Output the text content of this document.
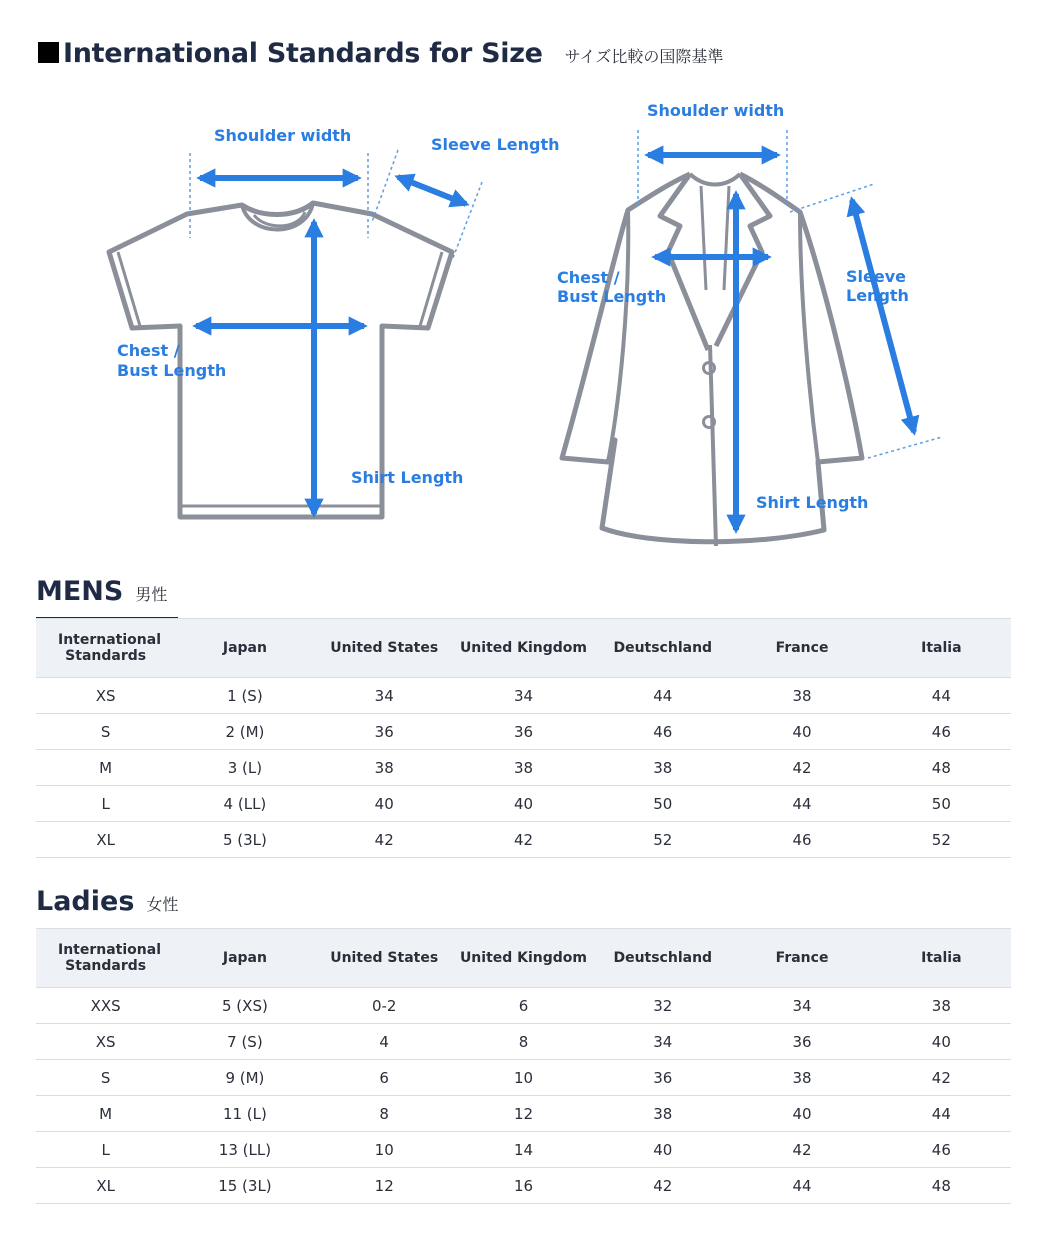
International Standards for Size サイズ比較の国際基準
Shoulder width	Sleeve Length
Chest /
Bust Length
Shirt Length
Shoulder width
Sleeve
Length
Chest /
Bust Length
Shirt Length
MENS 男性
International Standards	Japan	United States	United Kingdom	Deutschland	France	Italia
XS	1 (S)	34	34	44	38	44
S	2 (M)	36	36	46	40	46
M	3 (L)	38	38	38	42	48
L	4 (LL)	40	40	50	44	50
XL	5 (3L)	42	42	52	46	52
Ladies 女性
International Standards	Japan	United States	United Kingdom	Deutschland	France	Italia
XXS	5 (XS)	0-2	6	32	34	38
XS	7 (S)	4	8	34	36	40
S	9 (M)	6	10	36	38	42
M	11 (L)	8	12	38	40	44
L	13 (LL)	10	14	40	42	46
XL	15 (3L)	12	16	42	44	48
